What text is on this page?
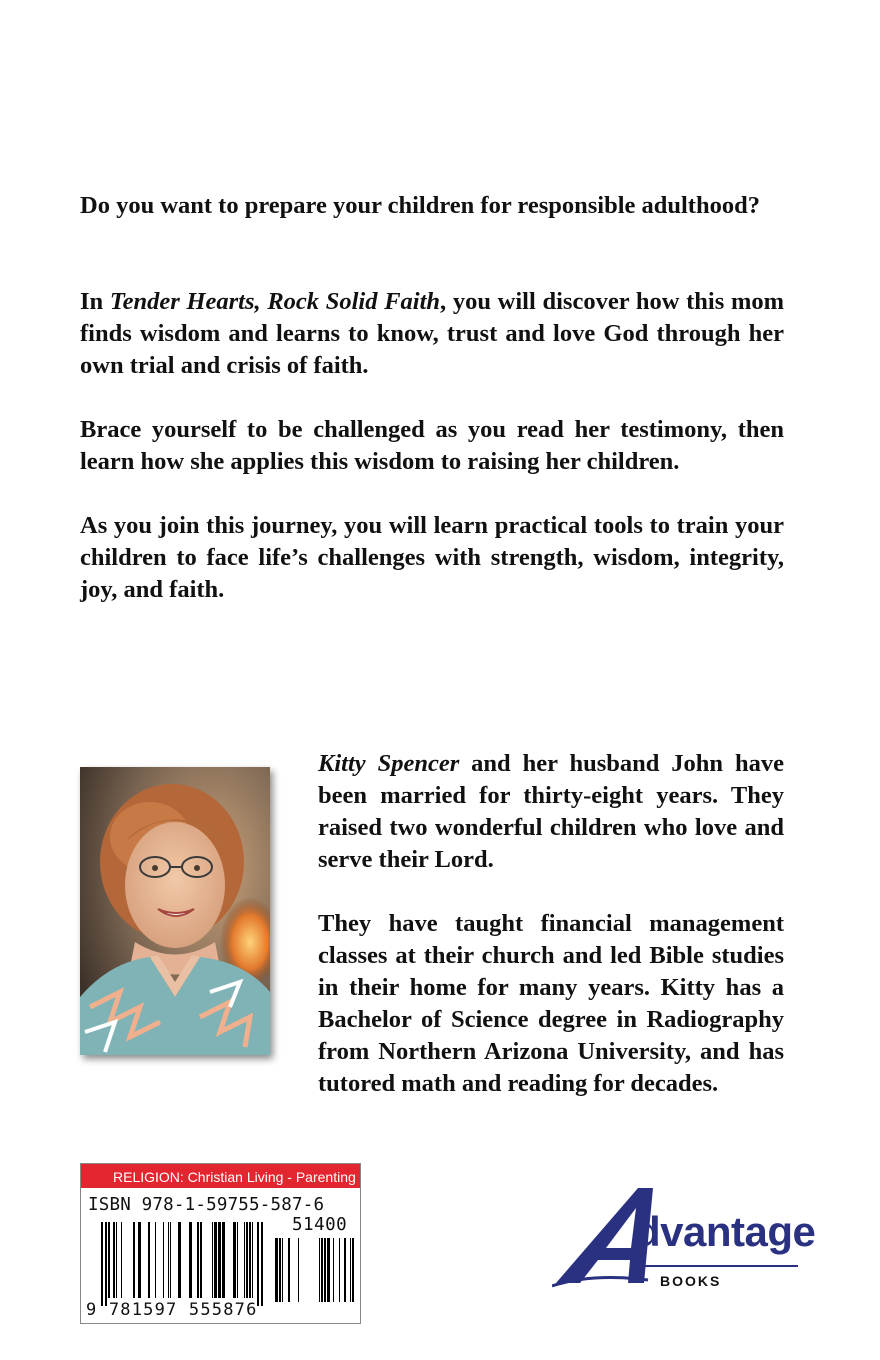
Do you want to prepare your children for responsible adulthood?

In Tender Hearts, Rock Solid Faith, you will discover how this mom finds wisdom and learns to know, trust and love God through her own trial and crisis of faith.

Brace yourself to be challenged as you read her testimony, then learn how she applies this wisdom to raising her children.

As you join this journey, you will learn practical tools to train your children to face life’s challenges with strength, wisdom, integrity, joy, and faith.

Kitty Spencer and her husband John have been married for thirty-eight years. They raised two wonderful children who love and serve their Lord.

They have taught financial management classes at their church and led Bible studies in their home for many years. Kitty has a Bachelor of Science degree in Radiography from Northern Arizona University, and has tutored math and reading for decades.

RELIGION: Christian Living - Parenting
ISBN 978-1-59755-587-6
51400
9 781597 555876
dvantage
BOOKS
